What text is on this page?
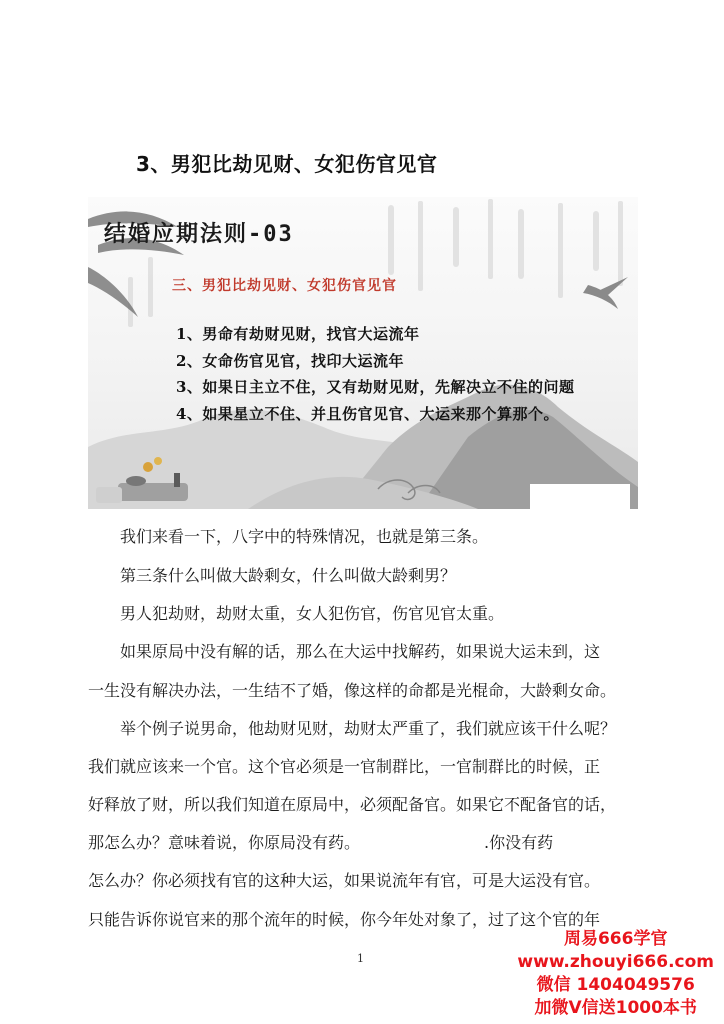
3、男犯比劫见财、女犯伤官见官
结婚应期法则-03
三、男犯比劫见财、女犯伤官见官
1、男命有劫财见财，找官大运流年
2、女命伤官见官，找印大运流年
3、如果日主立不住，又有劫财见财，先解决立不住的问题
4、如果星立不住、并且伤官见官、大运来那个算那个。
我们来看一下，八字中的特殊情况，也就是第三条。
第三条什么叫做大龄剩女，什么叫做大龄剩男？
男人犯劫财，劫财太重，女人犯伤官，伤官见官太重。
如果原局中没有解的话，那么在大运中找解药，如果说大运未到，这
一生没有解决办法，一生结不了婚，像这样的命都是光棍命，大龄剩女命。
举个例子说男命，他劫财见财，劫财太严重了，我们就应该干什么呢？
我们就应该来一个官。这个官必须是一官制群比，一官制群比的时候，正
好释放了财，所以我们知道在原局中，必须配备官。如果它不配备官的话，
那怎么办？意味着说，你原局没有药。	.你没有药
怎么办？你必须找有官的这种大运，如果说流年有官，可是大运没有官。
只能告诉你说官来的那个流年的时候，你今年处对象了，过了这个官的年
1
周易666学官
www.zhouyi666.com
微信 1404049576
加微V信送1000本书
